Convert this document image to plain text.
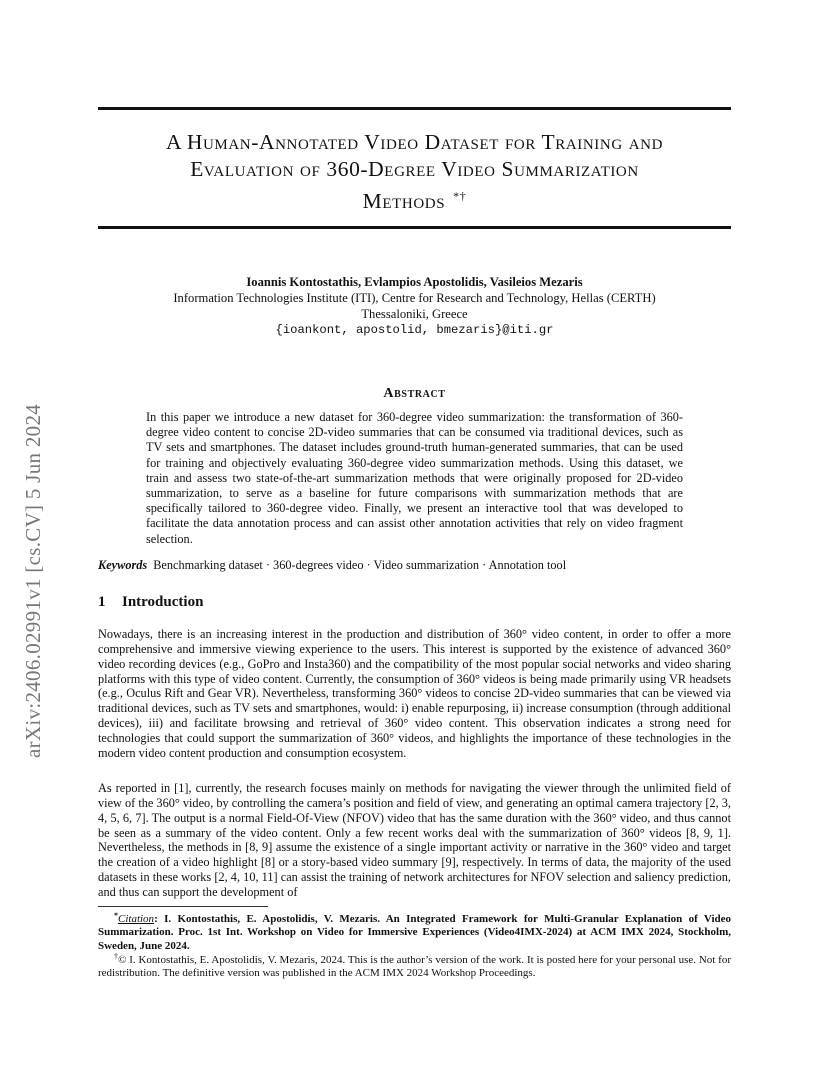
arXiv:2406.02991v1 [cs.CV] 5 Jun 2024
A Human-Annotated Video Dataset for Training and
Evaluation of 360-Degree Video Summarization
Methods *†
Ioannis Kontostathis, Evlampios Apostolidis, Vasileios Mezaris
Information Technologies Institute (ITI), Centre for Research and Technology, Hellas (CERTH)
Thessaloniki, Greece
{ioankont, apostolid, bmezaris}@iti.gr
Abstract
In this paper we introduce a new dataset for 360-degree video summarization: the transformation of 360-degree video content to concise 2D-video summaries that can be consumed via traditional devices, such as TV sets and smartphones. The dataset includes ground-truth human-generated summaries, that can be used for training and objectively evaluating 360-degree video summarization methods. Using this dataset, we train and assess two state-of-the-art summarization methods that were originally proposed for 2D-video summarization, to serve as a baseline for future comparisons with summarization methods that are specifically tailored to 360-degree video. Finally, we present an interactive tool that was developed to facilitate the data annotation process and can assist other annotation activities that rely on video fragment selection.
Keywords Benchmarking dataset · 360-degrees video · Video summarization · Annotation tool
1 Introduction

Nowadays, there is an increasing interest in the production and distribution of 360° video content, in order to offer a more comprehensive and immersive viewing experience to the users. This interest is supported by the existence of advanced 360° video recording devices (e.g., GoPro and Insta360) and the compatibility of the most popular social networks and video sharing platforms with this type of video content. Currently, the consumption of 360° videos is being made primarily using VR headsets (e.g., Oculus Rift and Gear VR). Nevertheless, transforming 360° videos to concise 2D-video summaries that can be viewed via traditional devices, such as TV sets and smartphones, would: i) enable repurposing, ii) increase consumption (through additional devices), iii) and facilitate browsing and retrieval of 360° video content. This observation indicates a strong need for technologies that could support the summarization of 360° videos, and highlights the importance of these technologies in the modern video content production and consumption ecosystem.

As reported in [1], currently, the research focuses mainly on methods for navigating the viewer through the unlimited field of view of the 360° video, by controlling the camera’s position and field of view, and generating an optimal camera trajectory [2, 3, 4, 5, 6, 7]. The output is a normal Field-Of-View (NFOV) video that has the same duration with the 360° video, and thus cannot be seen as a summary of the video content. Only a few recent works deal with the summarization of 360° videos [8, 9, 1]. Nevertheless, the methods in [8, 9] assume the existence of a single important activity or narrative in the 360° video and target the creation of a video highlight [8] or a story-based video summary [9], respectively. In terms of data, the majority of the used datasets in these works [2, 4, 10, 11] can assist the training of network architectures for NFOV selection and saliency prediction, and thus can support the development of

*Citation: I. Kontostathis, E. Apostolidis, V. Mezaris. An Integrated Framework for Multi-Granular Explanation of Video Summarization. Proc. 1st Int. Workshop on Video for Immersive Experiences (Video4IMX-2024) at ACM IMX 2024, Stockholm, Sweden, June 2024.
†© I. Kontostathis, E. Apostolidis, V. Mezaris, 2024. This is the author’s version of the work. It is posted here for your personal use. Not for redistribution. The definitive version was published in the ACM IMX 2024 Workshop Proceedings.
